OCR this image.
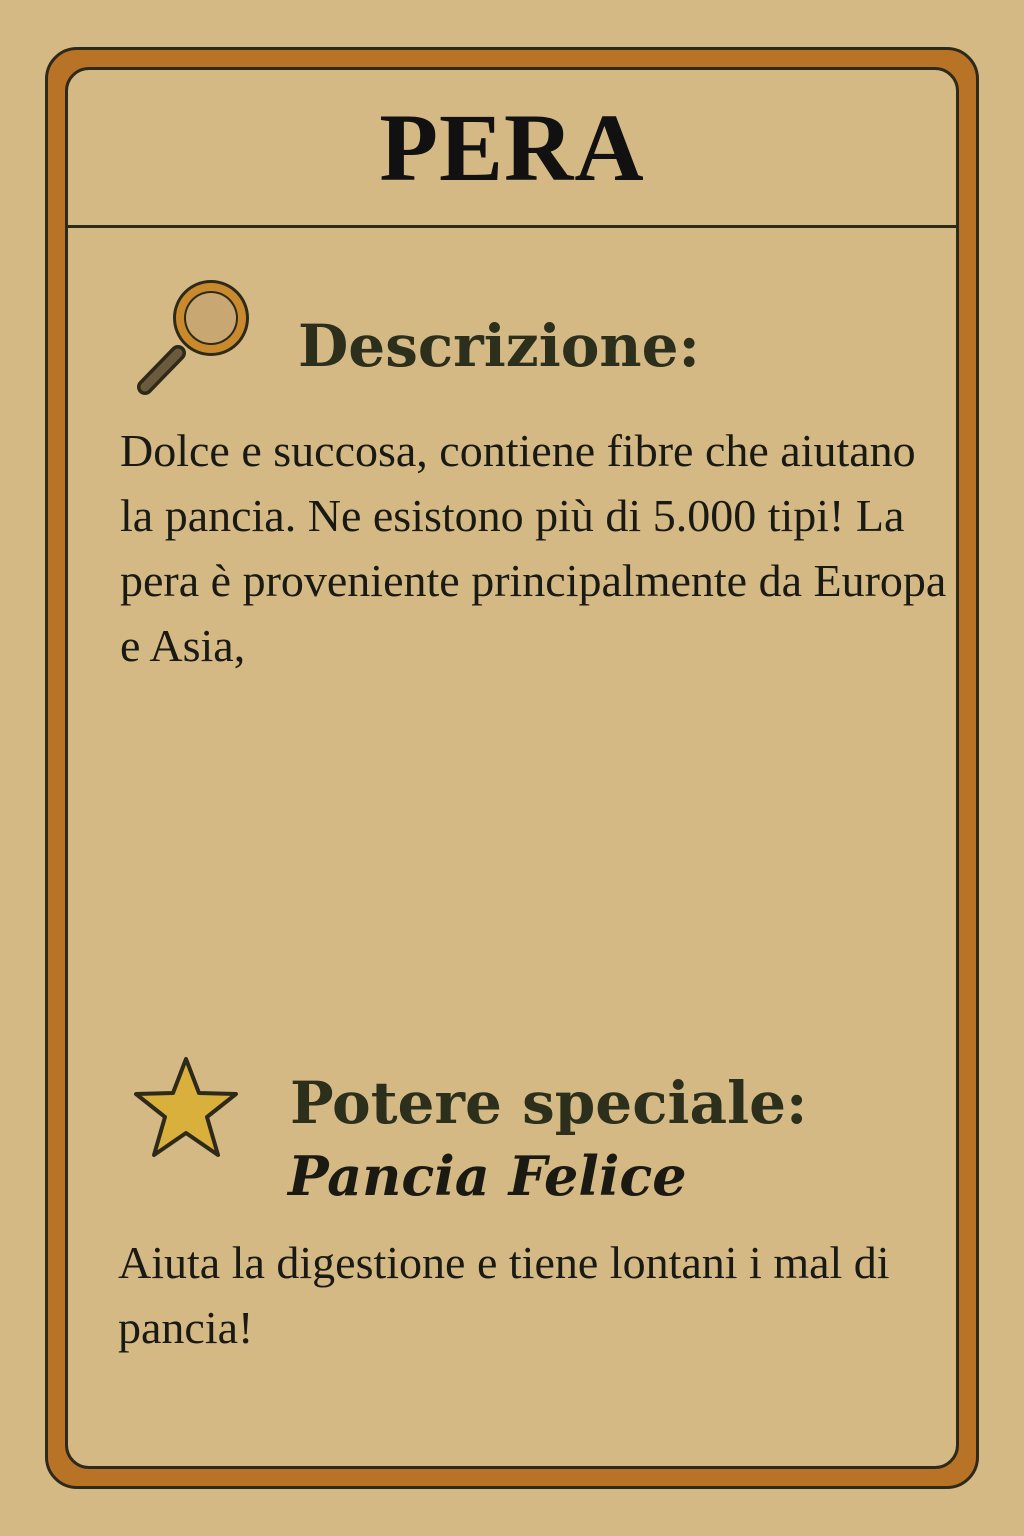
PERA
Descrizione:

Dolce e succosa, contiene fibre che aiutano la pancia. Ne esistono più di 5.000 tipi! La pera è proveniente principalmente da Europa e Asia,

Potere speciale:
Pancia Felice

Aiuta la digestione e tiene lontani i mal di pancia!
